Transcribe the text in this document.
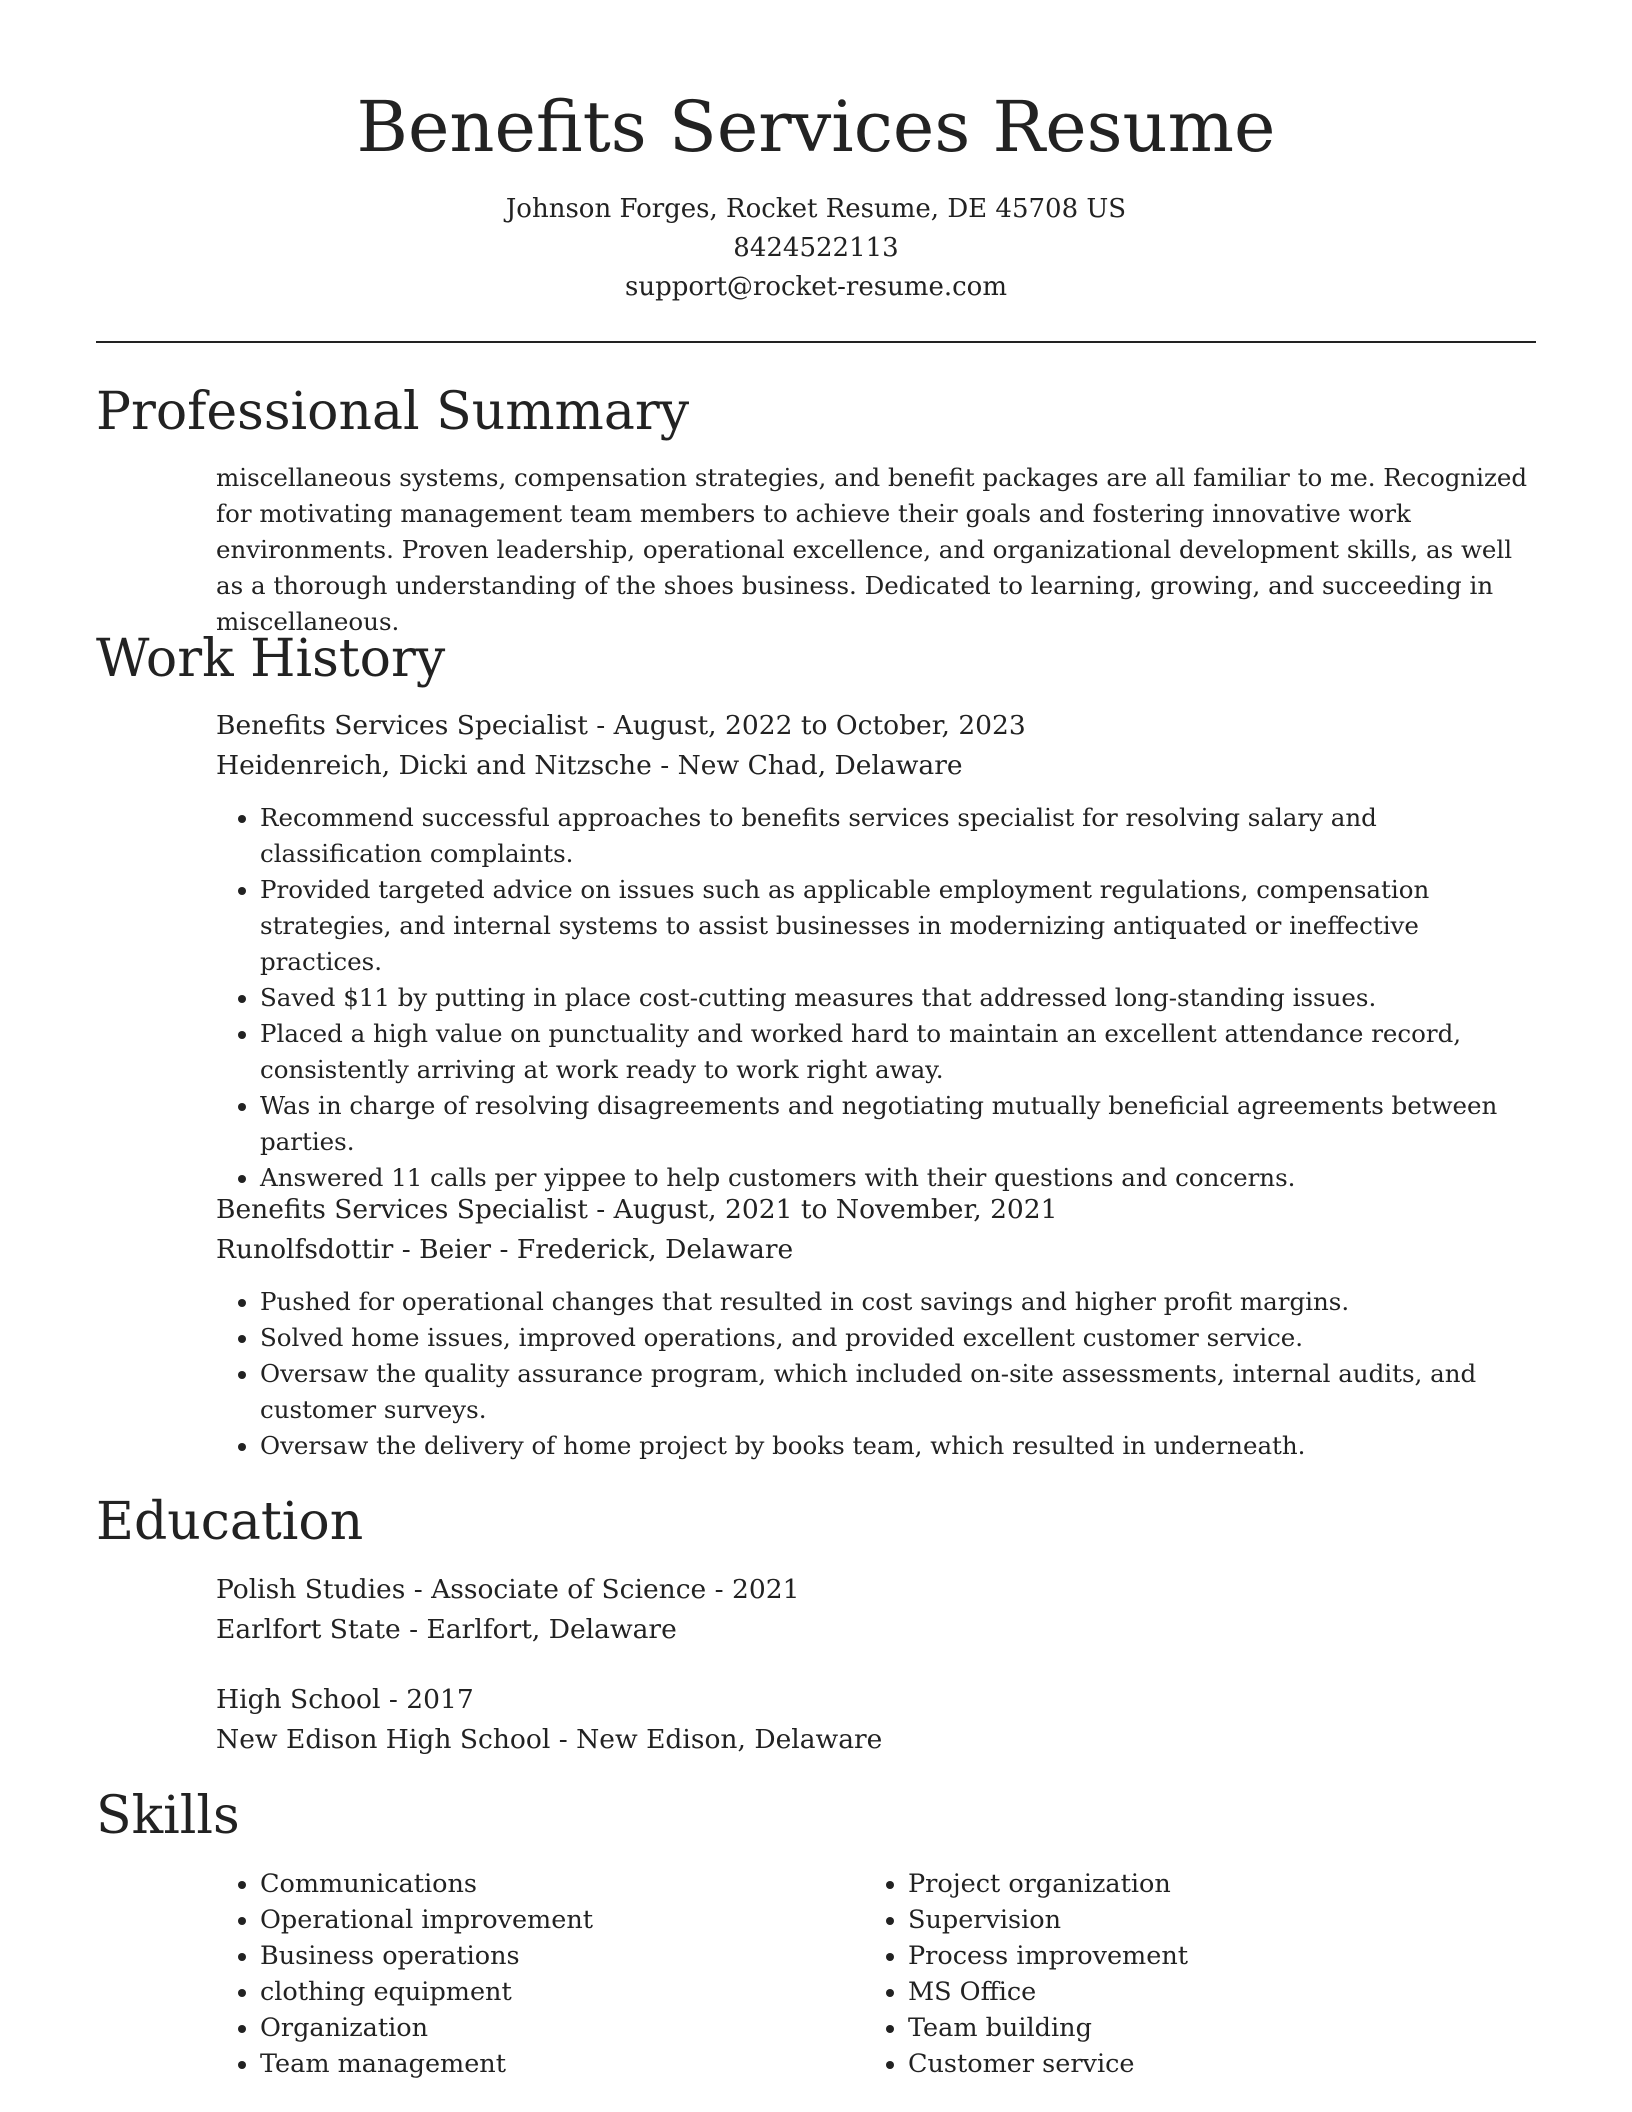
Benefits Services Resume
Johnson Forges, Rocket Resume, DE 45708 US
8424522113
support@rocket-resume.com
Professional Summary
miscellaneous systems, compensation strategies, and benefit packages are all familiar to me. Recognized for motivating management team members to achieve their goals and fostering innovative work environments. Proven leadership, operational excellence, and organizational development skills, as well as a thorough understanding of the shoes business. Dedicated to learning, growing, and succeeding in miscellaneous.
Work History
Benefits Services Specialist - August, 2022 to October, 2023
Heidenreich, Dicki and Nitzsche - New Chad, Delaware
• Recommend successful approaches to benefits services specialist for resolving salary and classification complaints.
• Provided targeted advice on issues such as applicable employment regulations, compensation strategies, and internal systems to assist businesses in modernizing antiquated or ineffective practices.
• Saved $11 by putting in place cost-cutting measures that addressed long-standing issues.
• Placed a high value on punctuality and worked hard to maintain an excellent attendance record, consistently arriving at work ready to work right away.
• Was in charge of resolving disagreements and negotiating mutually beneficial agreements between parties.
• Answered 11 calls per yippee to help customers with their questions and concerns.
Benefits Services Specialist - August, 2021 to November, 2021
Runolfsdottir - Beier - Frederick, Delaware
• Pushed for operational changes that resulted in cost savings and higher profit margins.
• Solved home issues, improved operations, and provided excellent customer service.
• Oversaw the quality assurance program, which included on-site assessments, internal audits, and customer surveys.
• Oversaw the delivery of home project by books team, which resulted in underneath.
Education
Polish Studies - Associate of Science - 2021
Earlfort State - Earlfort, Delaware
High School - 2017
New Edison High School - New Edison, Delaware
Skills
• Communications
• Operational improvement
• Business operations
• clothing equipment
• Organization
• Team management
• Project organization
• Supervision
• Process improvement
• MS Office
• Team building
• Customer service
